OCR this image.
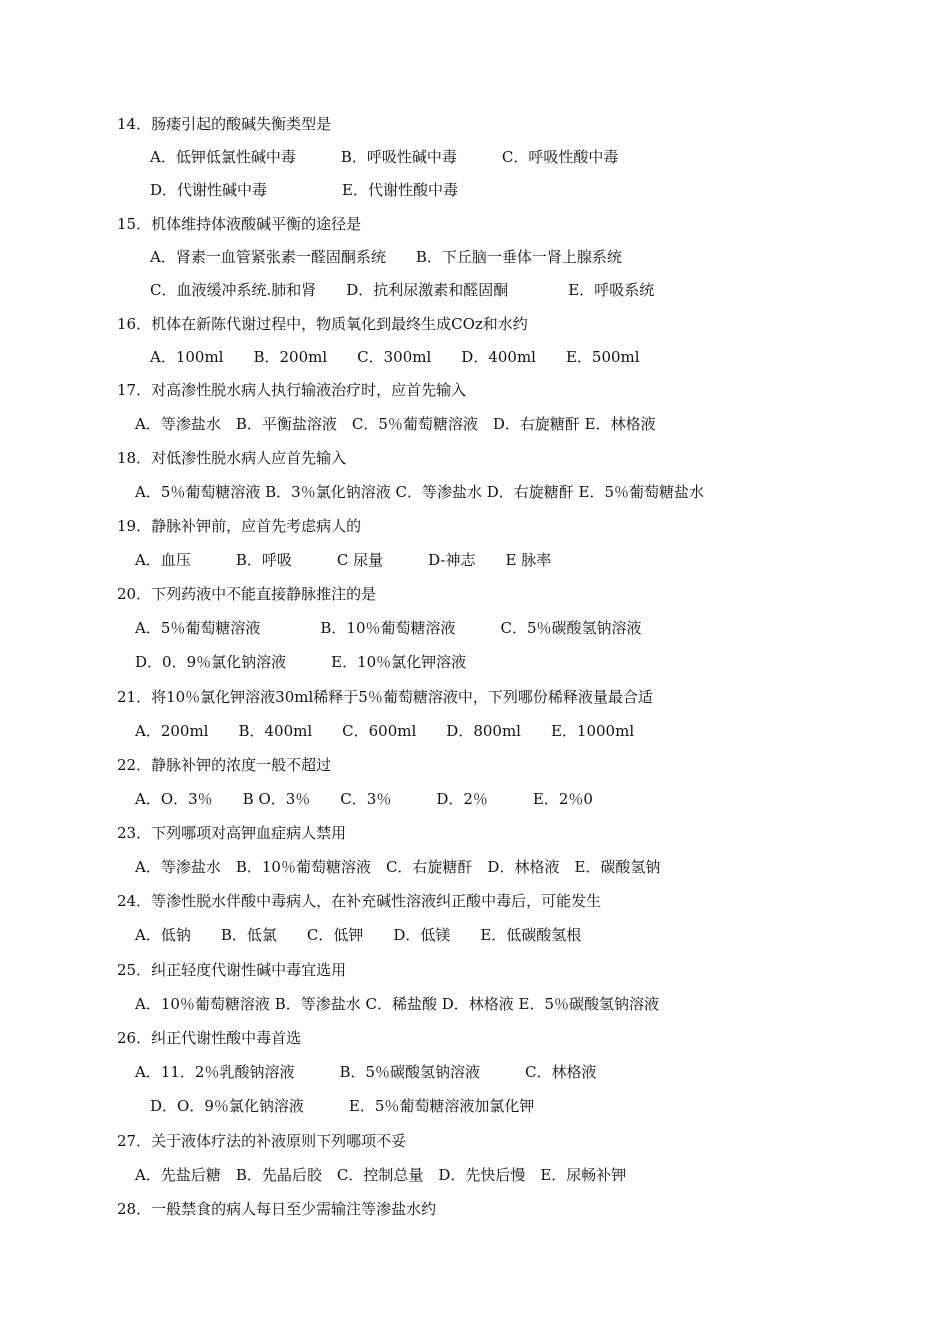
14．肠瘘引起的酸碱失衡类型是
A．低钾低氯性碱中毒　　　B．呼吸性碱中毒　　　C．呼吸性酸中毒
D．代谢性碱中毒　　　　　E．代谢性酸中毒
15．机体维持体液酸碱平衡的途径是
A．肾素一血管紧张素一醛固酮系统　　B．下丘脑一垂体一肾上腺系统
C．血液缓冲系统.肺和肾　　D．抗利尿激素和醛固酮　　　　E．呼吸系统
16．机体在新陈代谢过程中，物质氧化到最终生成COz和水约
A．100ml　　B．200ml　　C．300ml　　D．400ml　　E．500ml
17．对高渗性脱水病人执行输液治疗时，应首先输入
A．等渗盐水　B．平衡盐溶液　C．5％葡萄糖溶液　D．右旋糖酐 E．林格液
18．对低渗性脱水病人应首先输入
A．5％葡萄糖溶液 B．3％氯化钠溶液 C．等渗盐水 D．右旋糖酐 E．5％葡萄糖盐水
19．静脉补钾前，应首先考虑病人的
A．血压　　　B．呼吸　　　C 尿量　　　D-神志　　E 脉率
20．下列药液中不能直接静脉推注的是
A．5％葡萄糖溶液　　　　B．10％葡萄糖溶液　　　C．5％碳酸氢钠溶液
D．0．9％氯化钠溶液　　　E．10％氯化钾溶液
21．将10％氯化钾溶液30ml稀释于5％葡萄糖溶液中，下列哪份稀释液量最合适
A．200ml　　B．400ml　　C．600ml　　D．800ml　　E．1000ml
22．静脉补钾的浓度一般不超过
A．O．3％　　B O．3％　　C．3％　　　D．2％　　　E．2％0
23．下列哪项对高钾血症病人禁用
A．等渗盐水　B．10％葡萄糖溶液　C．右旋糖酐　D．林格液　E．碳酸氢钠
24．等渗性脱水伴酸中毒病人，在补充碱性溶液纠正酸中毒后，可能发生
A．低钠　　B．低氯　　C．低钾　　D．低镁　　E．低碳酸氢根
25．纠正轻度代谢性碱中毒宜选用
A．10％葡萄糖溶液 B．等渗盐水 C．稀盐酸 D．林格液 E．5％碳酸氢钠溶液
26．纠正代谢性酸中毒首选
A．11．2％乳酸钠溶液　　　B．5％碳酸氢钠溶液　　　C．林格液
D．O．9％氯化钠溶液　　　E．5％葡萄糖溶液加氯化钾
27．关于液体疗法的补液原则下列哪项不妥
A．先盐后糖　B．先晶后胶　C．控制总量　D．先快后慢　E．尿畅补钾
28．一般禁食的病人每日至少需输注等渗盐水约
